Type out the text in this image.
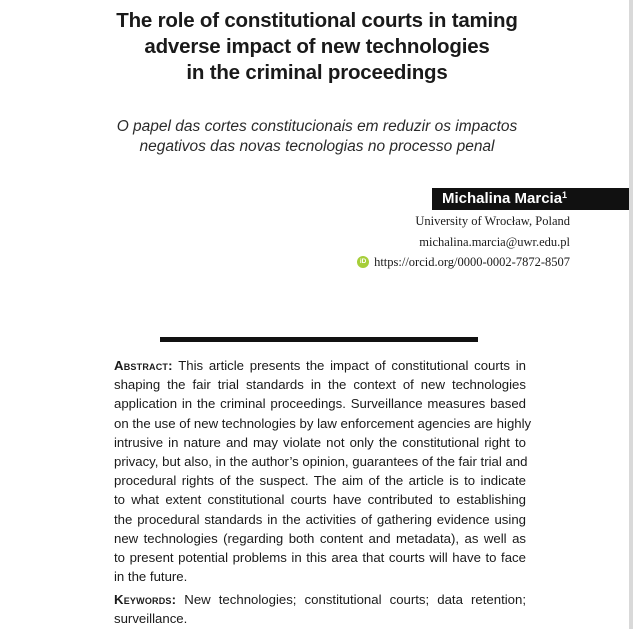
The role of constitutional courts in taming
adverse impact of new technologies
in the criminal proceedings
O papel das cortes constitucionais em reduzir os impactos
negativos das novas tecnologias no processo penal
Michalina Marcia$^1$
University of Wrocław, Poland
michalina.marcia@uwr.edu.pl
iD https://orcid.org/0000-0002-7872-8507
Abstract: This article presents the impact of constitutional courts in
shaping the fair trial standards in the context of new technologies
application in the criminal proceedings. Surveillance measures based
on the use of new technologies by law enforcement agencies are highly
intrusive in nature and may violate not only the constitutional right to
privacy, but also, in the author’s opinion, guarantees of the fair trial and
procedural rights of the suspect. The aim of the article is to indicate
to what extent constitutional courts have contributed to establishing
the procedural standards in the activities of gathering evidence using
new technologies (regarding both content and metadata), as well as
to present potential problems in this area that courts will have to face
in the future.
Keywords: New technologies; constitutional courts; data retention;
surveillance.
